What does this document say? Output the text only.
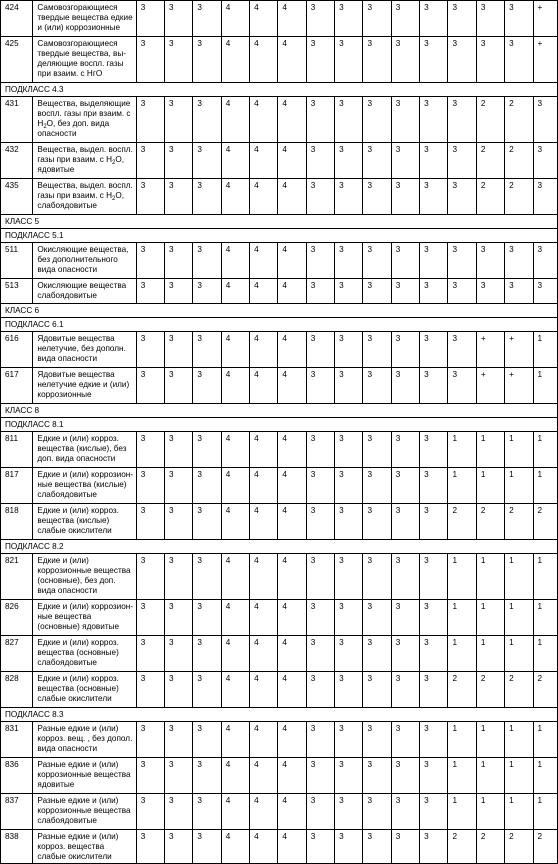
424	Самовозгорающиеся твердые вещества едкие и (или) коррозионные	3	3	3	4	4	4	3	3	3	3	3	3	3	3	+
425	Самовозгорающиеся твердые вещества, выделяющие воспл. газы при взаим. с НгО	3	3	3	4	4	4	3	3	3	3	3	3	3	3	+
ПОДКЛАСС 4.3																
431	Вещества, выделяющие воспл. газы при взаим. с $Н_2О$, без доп. вида опасности	3	3	3	4	4	4	3	3	3	3	3	3	2	2	3
432	Вещества, выдел. воспл. газы при взаим. с $Н_2О$, ядовитые	3	3	3	4	4	4	3	3	3	3	3	3	2	2	3
435	Вещества, выдел. воспл. газы при взаим. с $Н_2О$, слабоядовитые	3	3	3	4	4	4	3	3	3	3	3	3	2	2	3
КЛАСС 5																
ПОДКЛАСС 5.1																
511	Окисляющие вещества, без дополнительного вида опасности	3	3	3	4	4	4	3	3	3	3	3	3	3	3	3
513	Окисляющие вещества слабоядовитые	3	3	3	4	4	4	3	3	3	3	3	3	3	3	3
КЛАСС 6																
ПОДКЛАСС 6.1																
616	Ядовитые вещества нелетучие, без дополн. вида опасности	3	3	3	4	4	4	3	3	3	3	3	3	+	+	1
617	Ядовитые вещества нелетучие едкие и (или) коррозионные	3	3	3	4	4	4	3	3	3	3	3	3	+	+	1
КЛАСС 8																
ПОДКЛАСС 8.1																
811	Едкие и (или) корроз. вещества (кислые), без доп. вида опасности	3	3	3	4	4	4	3	3	3	3	3	1	1	1	1
817	Едкие и (или) коррозионные вещества (кислые) слабоядовитые	3	3	3	4	4	4	3	3	3	3	3	1	1	1	1
818	Едкие и (или) корроз. вещества (кислые) слабые окислители	3	3	3	4	4	4	3	3	3	3	3	2	2	2	2
ПОДКЛАСС 8.2																
821	Едкие и (или) коррозионные вещества (основные), без доп. вида опасности	3	3	3	4	4	4	3	3	3	3	3	1	1	1	1
826	Едкие и (или) коррозионные вещества (основные) ядовитые	3	3	3	4	4	4	3	3	3	3	3	1	1	1	1
827	Едкие и (или) корроз. вещества (основные) слабоядовитые	3	3	3	4	4	4	3	3	3	3	3	1	1	1	1
828	Едкие и (или) корроз. вещества (основные) слабые окислители	3	3	3	4	4	4	3	3	3	3	3	2	2	2	2
ПОДКЛАСС 8.3																
831	Разные едкие и (или) корроз. вещ. , без допол. вида опасности	3	3	3	4	4	4	3	3	3	3	3	1	1	1	1
836	Разные едкие и (или) коррозионные вещества ядовитые	3	3	3	4	4	4	3	3	3	3	3	1	1	1	1
837	Разные едкие и (или) коррозионные вещества слабоядовитые	3	3	3	4	4	4	3	3	3	3	3	1	1	1	1
838	Разные едкие и (или) корроз. вещества слабые окислители	3	3	3	4	4	4	3	3	3	3	3	2	2	2	2
